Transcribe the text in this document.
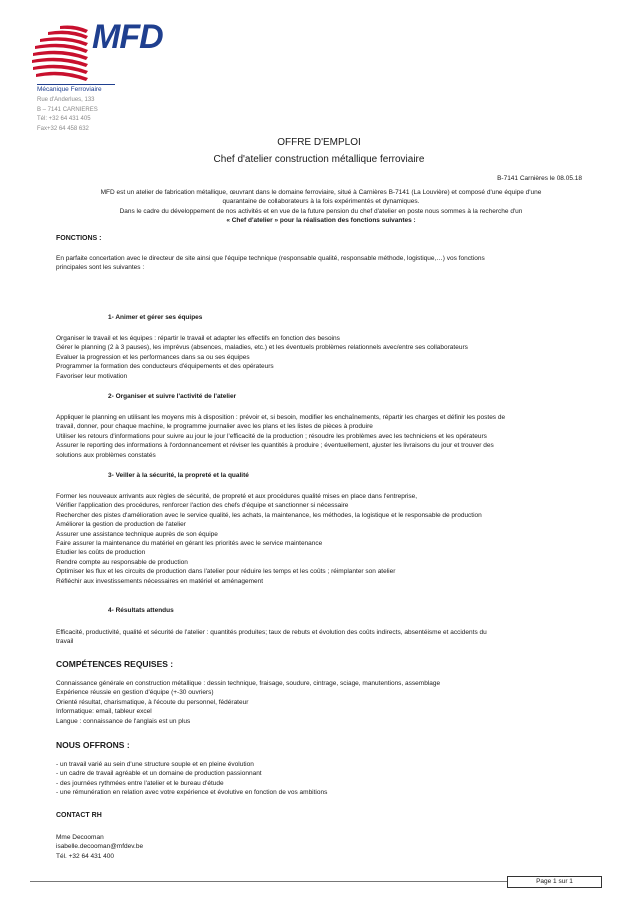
MFD
Mécanique Ferroviaire
Rue d'Anderlues, 133
B – 7141 CARNIERES
Tél: +32 64 431 405
Fax+32 64 458 632
OFFRE D'EMPLOI
Chef d'atelier construction métallique ferroviaire
B-7141 Carnières le 08.05.18
MFD est un atelier de fabrication métallique, œuvrant dans le domaine ferroviaire, situé à Carnières B-7141 (La Louvière) et composé d'une équipe d'une
quarantaine de collaborateurs à la fois expérimentés et dynamiques.
Dans le cadre du développement de nos activités et en vue de la future pension du chef d'atelier en poste nous sommes à la recherche d'un
« Chef d'atelier » pour la réalisation des fonctions suivantes :
FONCTIONS :
En parfaite concertation avec le directeur de site ainsi que l'équipe technique (responsable qualité, responsable méthode, logistique,…) vos fonctions
principales sont les suivantes :
1- Animer et gérer ses équipes
Organiser le travail et les équipes : répartir le travail et adapter les effectifs en fonction des besoins
Gérer le planning (2 à 3 pauses), les imprévus (absences, maladies, etc.) et les éventuels problèmes relationnels avec/entre ses collaborateurs
Evaluer la progression et les performances dans sa ou ses équipes
Programmer la formation des conducteurs d'équipements et des opérateurs
Favoriser leur motivation
2- Organiser et suivre l'activité de l'atelier
Appliquer le planning en utilisant les moyens mis à disposition : prévoir et, si besoin, modifier les enchaînements, répartir les charges et définir les postes de
travail, donner, pour chaque machine, le programme journalier avec les plans et les listes de pièces à produire
Utiliser les retours d'informations pour suivre au jour le jour l'efficacité de la production ; résoudre les problèmes avec les techniciens et les opérateurs
Assurer le reporting des informations à l'ordonnancement et réviser les quantités à produire ; éventuellement, ajuster les livraisons du jour et trouver des
solutions aux problèmes constatés
3- Veiller à la sécurité, la propreté et la qualité
Former les nouveaux arrivants aux règles de sécurité, de propreté et aux procédures qualité mises en place dans l'entreprise,
Vérifier l'application des procédures, renforcer l'action des chefs d'équipe et sanctionner si nécessaire
Rechercher des pistes d'amélioration avec le service qualité, les achats, la maintenance, les méthodes, la logistique et le responsable de production
Améliorer la gestion de production de l'atelier
Assurer une assistance technique auprès de son équipe
Faire assurer la maintenance du matériel en gérant les priorités avec le service maintenance
Etudier les coûts de production
Rendre compte au responsable de production
Optimiser les flux et les circuits de production dans l'atelier pour réduire les temps et les coûts ; réimplanter son atelier
Réfléchir aux investissements nécessaires en matériel et aménagement
4- Résultats attendus
Efficacité, productivité, qualité et sécurité de l'atelier : quantités produites; taux de rebuts et évolution des coûts indirects, absentéisme et accidents du
travail
COMPÉTENCES REQUISES :
Connaissance générale en construction métallique : dessin technique, fraisage, soudure, cintrage, sciage, manutentions, assemblage
Expérience réussie en gestion d'équipe (+-30 ouvriers)
Orienté résultat, charismatique, à l'écoute du personnel, fédérateur
Informatique: email, tableur excel
Langue : connaissance de l'anglais est un plus
NOUS OFFRONS :
- un travail varié au sein d'une structure souple et en pleine évolution
- un cadre de travail agréable et un domaine de production passionnant
- des journées rythmées entre l'atelier et le bureau d'étude
- une rémunération en relation avec votre expérience et évolutive en fonction de vos ambitions
CONTACT RH
Mme Decooman
isabelle.decooman@mfdev.be
Tél. +32 64 431 400
Page 1 sur 1
